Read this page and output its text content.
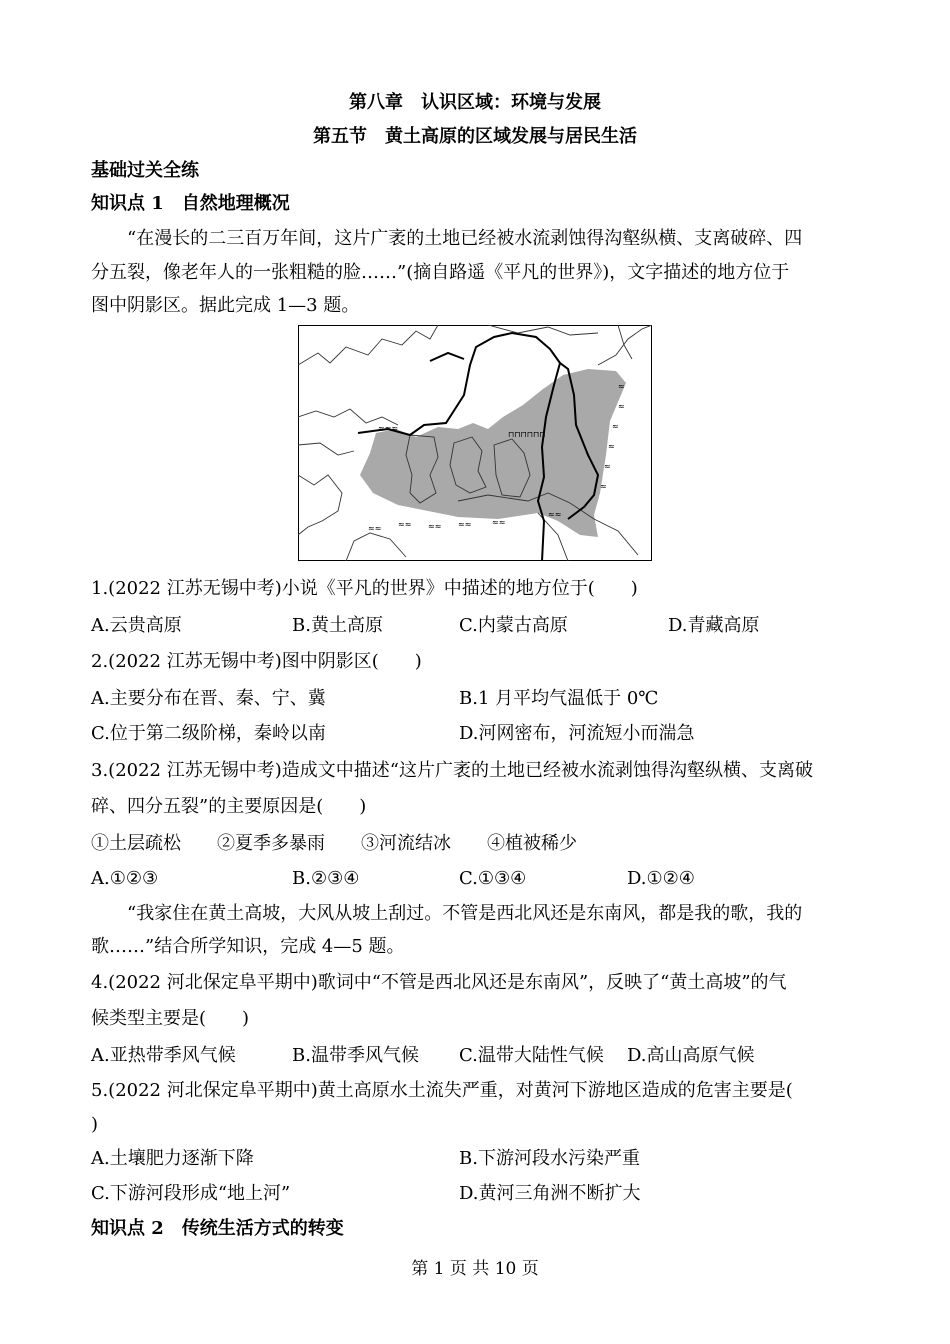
第八章　认识区域：环境与发展
第五节　黄土高原的区域发展与居民生活
基础过关全练
知识点 1　自然地理概况
“在漫长的二三百万年间，这片广袤的土地已经被水流剥蚀得沟壑纵横、支离破碎、四
分五裂，像老年人的一张粗糙的脸……”(摘自路遥《平凡的世界》)，文字描述的地方位于
图中阴影区。据此完成 1—3 题。
⊓⊓⊓⊓⊓⊓
≈≈≈
≈
≈
≈
≈
≈
≈
≈≈ ≈≈ ≈≈ ≈≈	≈≈
≈≈
1.(2022 江苏无锡中考)小说《平凡的世界》中描述的地方位于(　　)
A.云贵高原	B.黄土高原	C.内蒙古高原	D.青藏高原
2.(2022 江苏无锡中考)图中阴影区(　　)
A.主要分布在晋、秦、宁、冀	B.1 月平均气温低于 0℃
C.位于第二级阶梯，秦岭以南	D.河网密布，河流短小而湍急
3.(2022 江苏无锡中考)造成文中描述“这片广袤的土地已经被水流剥蚀得沟壑纵横、支离破
碎、四分五裂”的主要原因是(　　)
①土层疏松　　②夏季多暴雨　　③河流结冰　　④植被稀少
A.①②③	B.②③④	C.①③④	D.①②④
“我家住在黄土高坡，大风从坡上刮过。不管是西北风还是东南风，都是我的歌，我的
歌……”结合所学知识，完成 4—5 题。
4.(2022 河北保定阜平期中)歌词中“不管是西北风还是东南风”，反映了“黄土高坡”的气
候类型主要是(　　)
A.亚热带季风气候	B.温带季风气候 C.温带大陆性气候 D.高山高原气候
5.(2022 河北保定阜平期中)黄土高原水土流失严重，对黄河下游地区造成的危害主要是(
)
A.土壤肥力逐渐下降	B.下游河段水污染严重
C.下游河段形成“地上河”	D.黄河三角洲不断扩大
知识点 2　传统生活方式的转变
第 1 页 共 10 页
